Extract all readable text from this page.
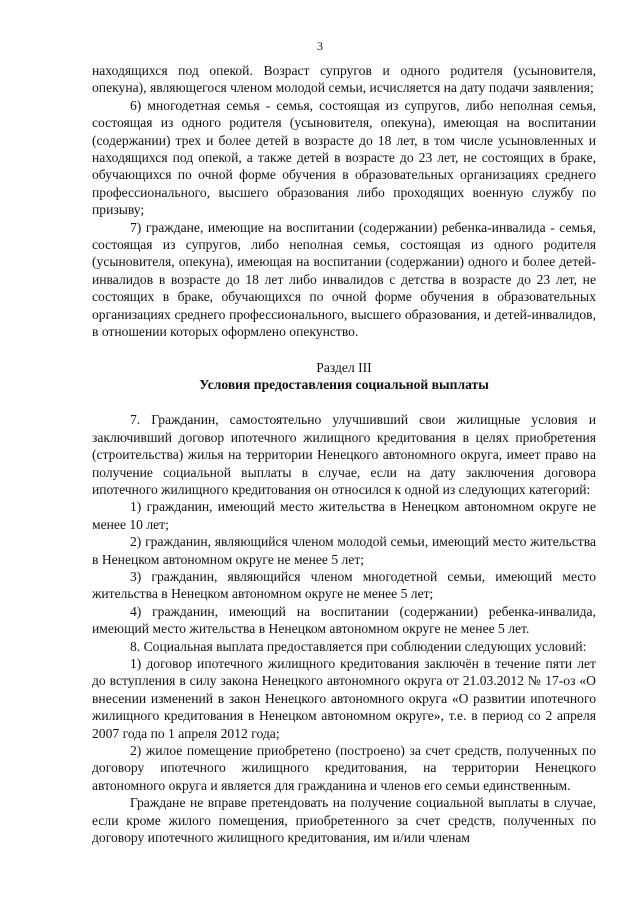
3

находящихся под опекой. Возраст супругов и одного родителя (усыновителя, опекуна), являющегося членом молодой семьи, исчисляется на дату подачи заявления;

6) многодетная семья - семья, состоящая из супругов, либо неполная семья, состоящая из одного родителя (усыновителя, опекуна), имеющая на воспитании (содержании) трех и более детей в возрасте до 18 лет, в том числе усыновленных и находящихся под опекой, а также детей в возрасте до 23 лет, не состоящих в браке, обучающихся по очной форме обучения в образовательных организациях среднего профессионального, высшего образования либо проходящих военную службу по призыву;

7) граждане, имеющие на воспитании (содержании) ребенка-инвалида - семья, состоящая из супругов, либо неполная семья, состоящая из одного родителя (усыновителя, опекуна), имеющая на воспитании (содержании) одного и более детей-инвалидов в возрасте до 18 лет либо инвалидов с детства в возрасте до 23 лет, не состоящих в браке, обучающихся по очной форме обучения в образовательных организациях среднего профессионального, высшего образования, и детей-инвалидов, в отношении которых оформлено опекунство.

Раздел III

Условия предоставления социальной выплаты

7. Гражданин, самостоятельно улучшивший свои жилищные условия и заключивший договор ипотечного жилищного кредитования в целях приобретения (строительства) жилья на территории Ненецкого автономного округа, имеет право на получение социальной выплаты в случае, если на дату заключения договора ипотечного жилищного кредитования он относился к одной из следующих категорий:

1) гражданин, имеющий место жительства в Ненецком автономном округе не менее 10 лет;

2) гражданин, являющийся членом молодой семьи, имеющий место жительства в Ненецком автономном округе не менее 5 лет;

3) гражданин, являющийся членом многодетной семьи, имеющий место жительства в Ненецком автономном округе не менее 5 лет;

4) гражданин, имеющий на воспитании (содержании) ребенка-инвалида, имеющий место жительства в Ненецком автономном округе не менее 5 лет.

8. Социальная выплата предоставляется при соблюдении следующих условий:

1) договор ипотечного жилищного кредитования заключён в течение пяти лет до вступления в силу закона Ненецкого автономного округа от 21.03.2012 № 17-оз «О внесении изменений в закон Ненецкого автономного округа «О развитии ипотечного жилищного кредитования в Ненецком автономном округе», т.е. в период со 2 апреля 2007 года по 1 апреля 2012 года;

2) жилое помещение приобретено (построено) за счет средств, полученных по договору ипотечного жилищного кредитования, на территории Ненецкого автономного округа и является для гражданина и членов его семьи единственным.

Граждане не вправе претендовать на получение социальной выплаты в случае, если кроме жилого помещения, приобретенного за счет средств, полученных по договору ипотечного жилищного кредитования, им и/или членам
